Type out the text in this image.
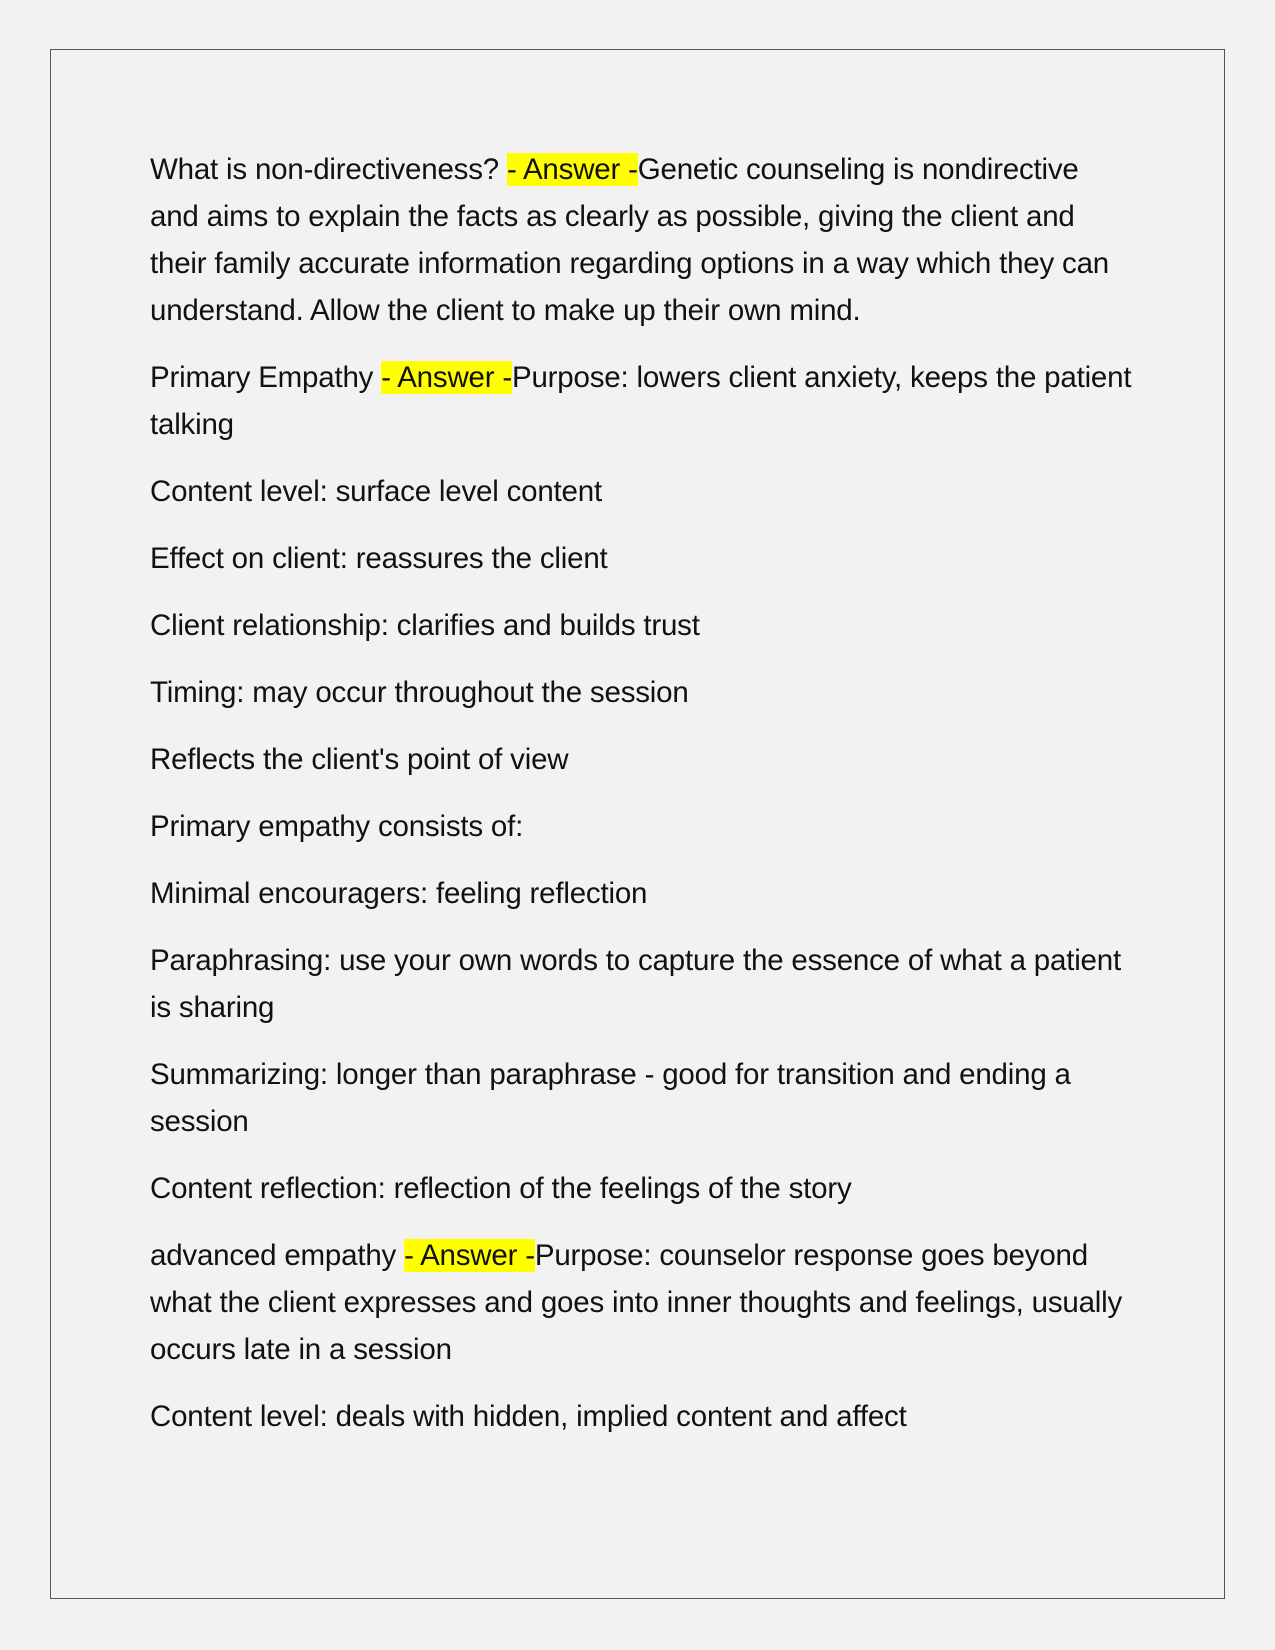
What is non-directiveness? - Answer -Genetic counseling is nondirective and aims to explain the facts as clearly as possible, giving the client and their family accurate information regarding options in a way which they can understand. Allow the client to make up their own mind.

Primary Empathy - Answer -Purpose: lowers client anxiety, keeps the patient talking

Content level: surface level content

Effect on client: reassures the client

Client relationship: clarifies and builds trust

Timing: may occur throughout the session

Reflects the client's point of view

Primary empathy consists of:

Minimal encouragers: feeling reflection

Paraphrasing: use your own words to capture the essence of what a patient is sharing

Summarizing: longer than paraphrase - good for transition and ending a session

Content reflection: reflection of the feelings of the story

advanced empathy - Answer -Purpose: counselor response goes beyond what the client expresses and goes into inner thoughts and feelings, usually occurs late in a session

Content level: deals with hidden, implied content and affect
